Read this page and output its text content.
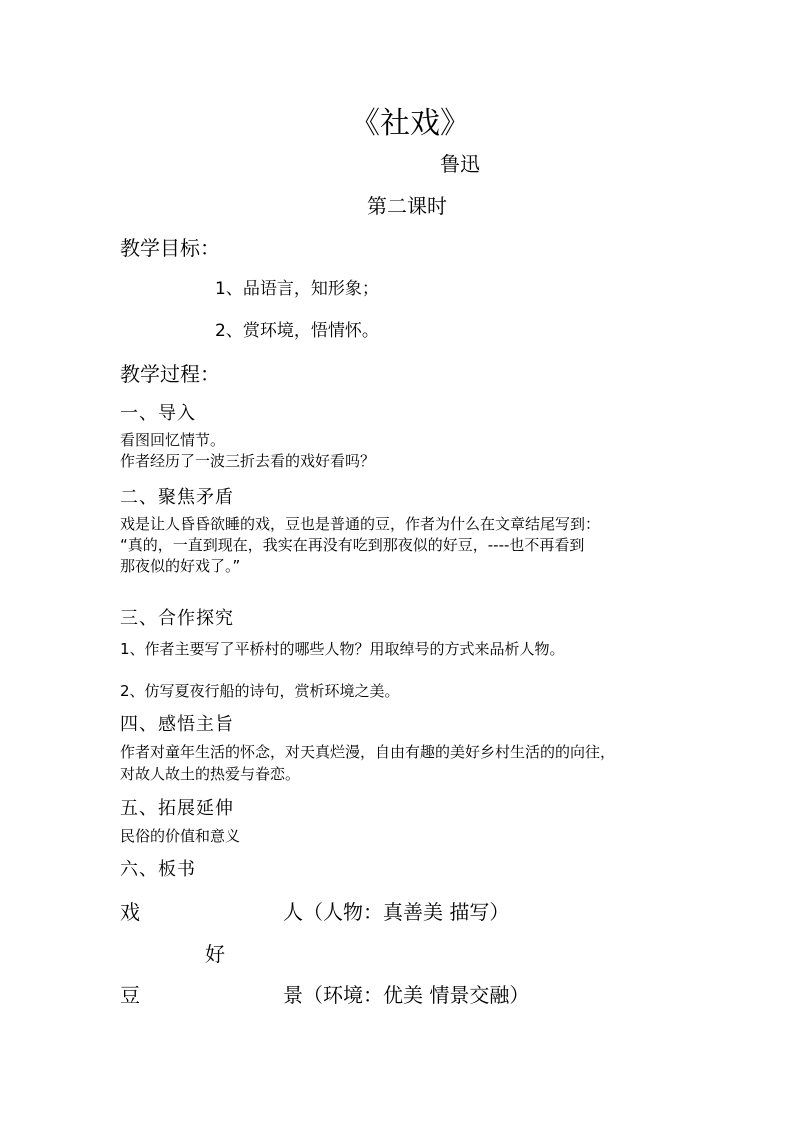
《社戏》
鲁迅
第二课时
教学目标：
1、品语言，知形象；
2、赏环境，悟情怀。
教学过程：
一、导入
看图回忆情节。
作者经历了一波三折去看的戏好看吗？
二、聚焦矛盾
戏是让人昏昏欲睡的戏，豆也是普通的豆，作者为什么在文章结尾写到：
“真的，一直到现在，我实在再没有吃到那夜似的好豆，----也不再看到
那夜似的好戏了。”
三、合作探究
1、作者主要写了平桥村的哪些人物？用取绰号的方式来品析人物。
2、仿写夏夜行船的诗句，赏析环境之美。
四、感悟主旨
作者对童年生活的怀念，对天真烂漫，自由有趣的美好乡村生活的的向往，
对故人故土的热爱与眷恋。
五、拓展延伸
民俗的价值和意义
六、板书
戏	人（人物：真善美 描写）
好
豆	景（环境：优美 情景交融）
